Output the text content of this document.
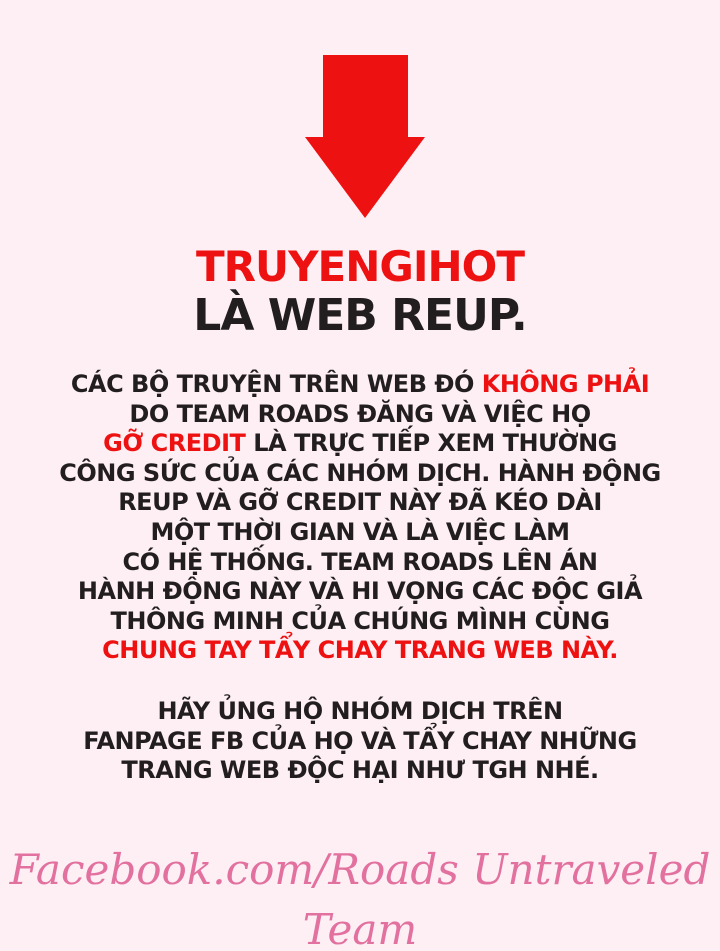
TRUYENGIHOT
LÀ WEB REUP.
CÁC BỘ TRUYỆN TRÊN WEB ĐÓ KHÔNG PHẢI
DO TEAM ROADS ĐĂNG VÀ VIỆC HỌ
GỠ CREDIT LÀ TRỰC TIẾP XEM THƯỜNG
CÔNG SỨC CỦA CÁC NHÓM DỊCH. HÀNH ĐỘNG
REUP VÀ GỠ CREDIT NÀY ĐÃ KÉO DÀI
MỘT THỜI GIAN VÀ LÀ VIỆC LÀM
CÓ HỆ THỐNG. TEAM ROADS LÊN ÁN
HÀNH ĐỘNG NÀY VÀ HI VỌNG CÁC ĐỘC GIẢ
THÔNG MINH CỦA CHÚNG MÌNH CÙNG
CHUNG TAY TẨY CHAY TRANG WEB NÀY.
HÃY ỦNG HỘ NHÓM DỊCH TRÊN
FANPAGE FB CỦA HỌ VÀ TẨY CHAY NHỮNG
TRANG WEB ĐỘC HẠI NHƯ TGH NHÉ.
Facebook.com/Roads Untraveled Team
